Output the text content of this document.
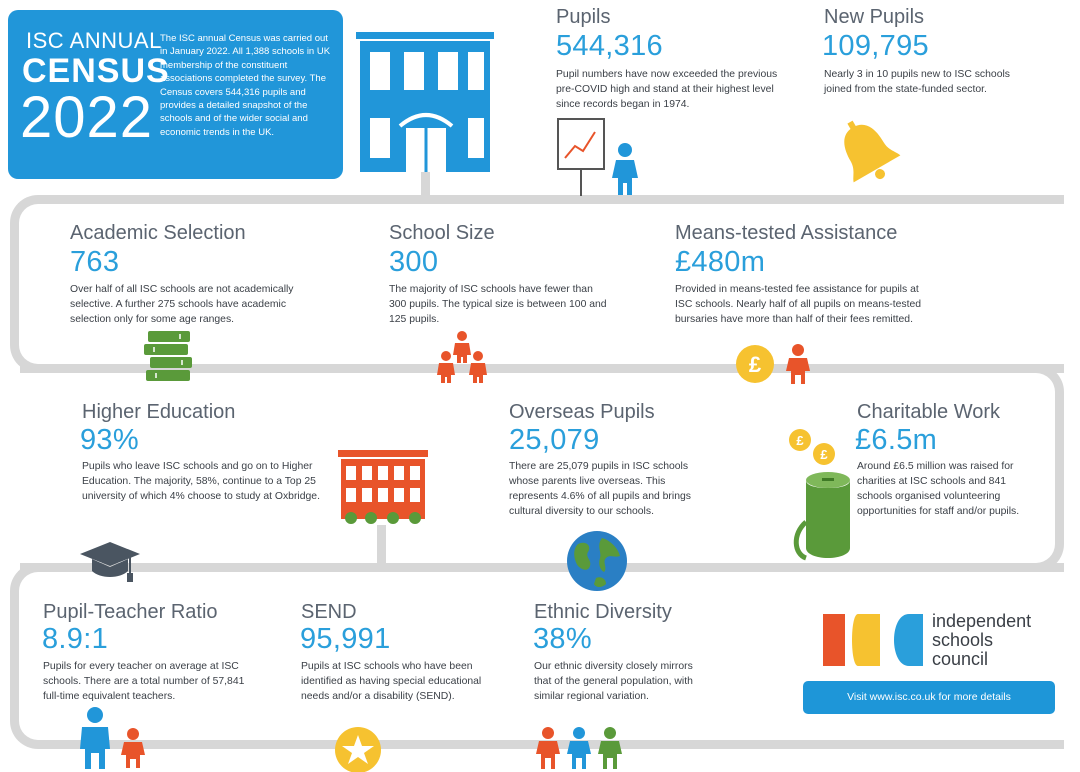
ISC ANNUAL
CENSUS
2022
The ISC annual Census was carried out in January 2022. All 1,388 schools in UK membership of the constituent associations completed the survey. The Census covers 544,316 pupils and provides a detailed snapshot of the schools and of the wider social and economic trends in the UK.
Pupils
544,316
Pupil numbers have now exceeded the previous pre-COVID high and stand at their highest level since records began in 1974.
New Pupils
109,795
Nearly 3 in 10 pupils new to ISC schools joined from the state-funded sector.
Academic Selection
763
Over half of all ISC schools are not academically selective. A further 275 schools have academic selection only for some age ranges.
School Size
300
The majority of ISC schools have fewer than 300 pupils. The typical size is between 100 and 125 pupils.
Means-tested Assistance
£480m
Provided in means-tested fee assistance for pupils at ISC schools. Nearly half of all pupils on means-tested bursaries have more than half of their fees remitted.
£
Higher Education
93%
Pupils who leave ISC schools and go on to Higher Education. The majority, 58%, continue to a Top 25 university of which 4% choose to study at Oxbridge.
Overseas Pupils
25,079
There are 25,079 pupils in ISC schools whose parents live overseas. This represents 4.6% of all pupils and brings cultural diversity to our schools.
Charitable Work
£6.5m
Around £6.5 million was raised for charities at ISC schools and 841 schools organised volunteering opportunities for staff and/or pupils.
£
£
Pupil-Teacher Ratio
8.9:1
Pupils for every teacher on average at ISC schools. There are a total number of 57,841 full-time equivalent teachers.
SEND
95,991
Pupils at ISC schools who have been identified as having special educational needs and/or a disability (SEND).
Ethnic Diversity
38%
Our ethnic diversity closely mirrors that of the general population, with similar regional variation.
independent
schools
council
Visit www.isc.co.uk for more details
